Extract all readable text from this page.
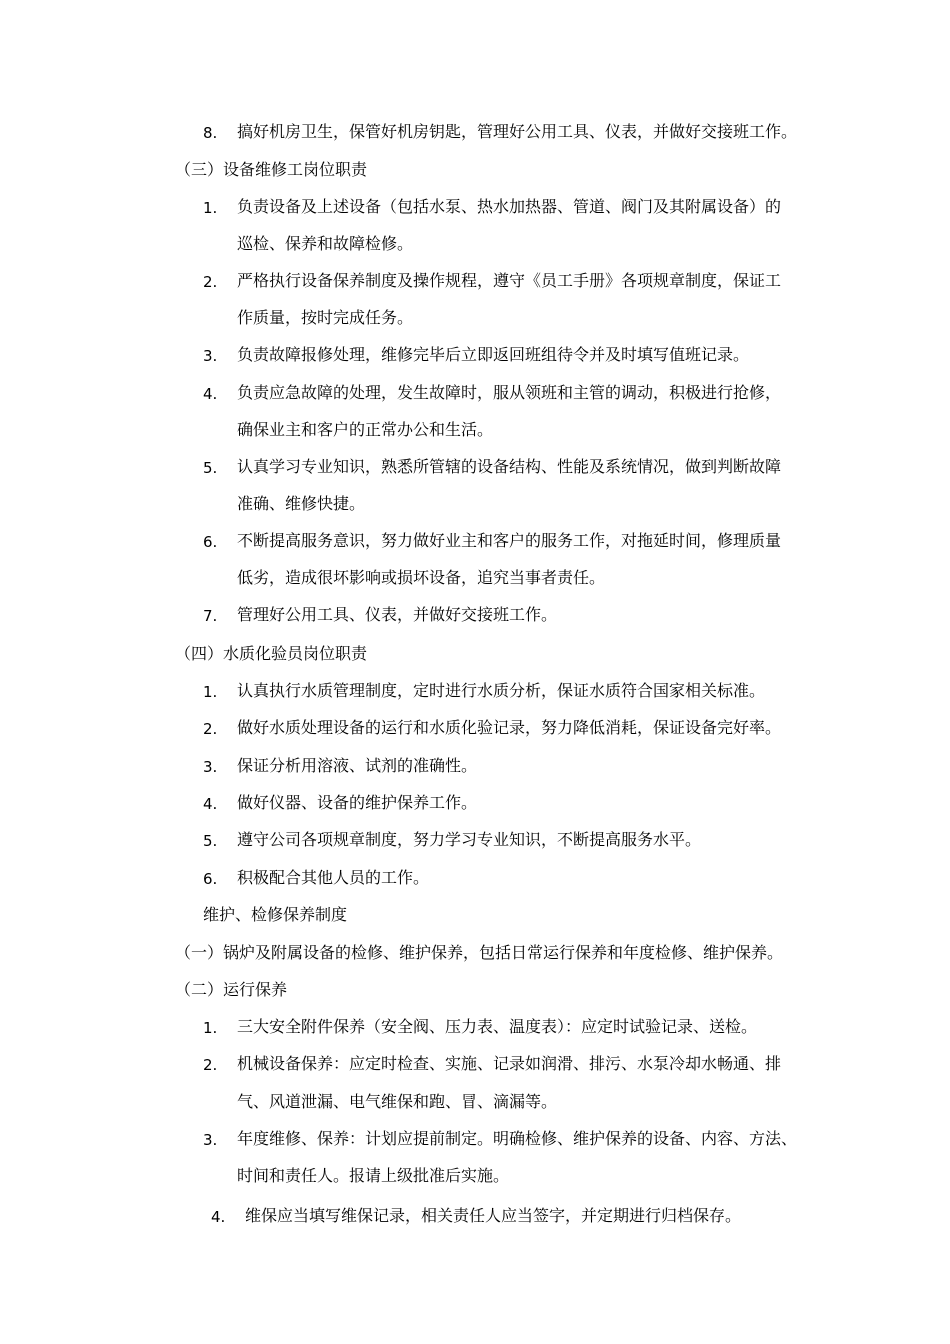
8. 搞好机房卫生，保管好机房钥匙，管理好公用工具、仪表，并做好交接班工作。
（三）设备维修工岗位职责
1. 负责设备及上述设备（包括水泵、热水加热器、管道、阀门及其附属设备）的
巡检、保养和故障检修。
2. 严格执行设备保养制度及操作规程，遵守《员工手册》各项规章制度，保证工
作质量，按时完成任务。
3. 负责故障报修处理，维修完毕后立即返回班组待令并及时填写值班记录。
4. 负责应急故障的处理，发生故障时，服从领班和主管的调动，积极进行抢修，
确保业主和客户的正常办公和生活。
5. 认真学习专业知识，熟悉所管辖的设备结构、性能及系统情况，做到判断故障
准确、维修快捷。
6. 不断提高服务意识，努力做好业主和客户的服务工作，对拖延时间，修理质量
低劣，造成很坏影响或损坏设备，追究当事者责任。
7. 管理好公用工具、仪表，并做好交接班工作。
（四）水质化验员岗位职责
1. 认真执行水质管理制度，定时进行水质分析，保证水质符合国家相关标准。
2. 做好水质处理设备的运行和水质化验记录，努力降低消耗，保证设备完好率。
3. 保证分析用溶液、试剂的准确性。
4. 做好仪器、设备的维护保养工作。
5. 遵守公司各项规章制度，努力学习专业知识，不断提高服务水平。
6. 积极配合其他人员的工作。
维护、检修保养制度
（一）锅炉及附属设备的检修、维护保养，包括日常运行保养和年度检修、维护保养。
（二）运行保养
1. 三大安全附件保养（安全阀、压力表、温度表）：应定时试验记录、送检。
2. 机械设备保养：应定时检查、实施、记录如润滑、排污、水泵冷却水畅通、排
气、风道泄漏、电气维保和跑、冒、滴漏等。
3. 年度维修、保养：计划应提前制定。明确检修、维护保养的设备、内容、方法、
时间和责任人。报请上级批准后实施。
4. 维保应当填写维保记录，相关责任人应当签字，并定期进行归档保存。
